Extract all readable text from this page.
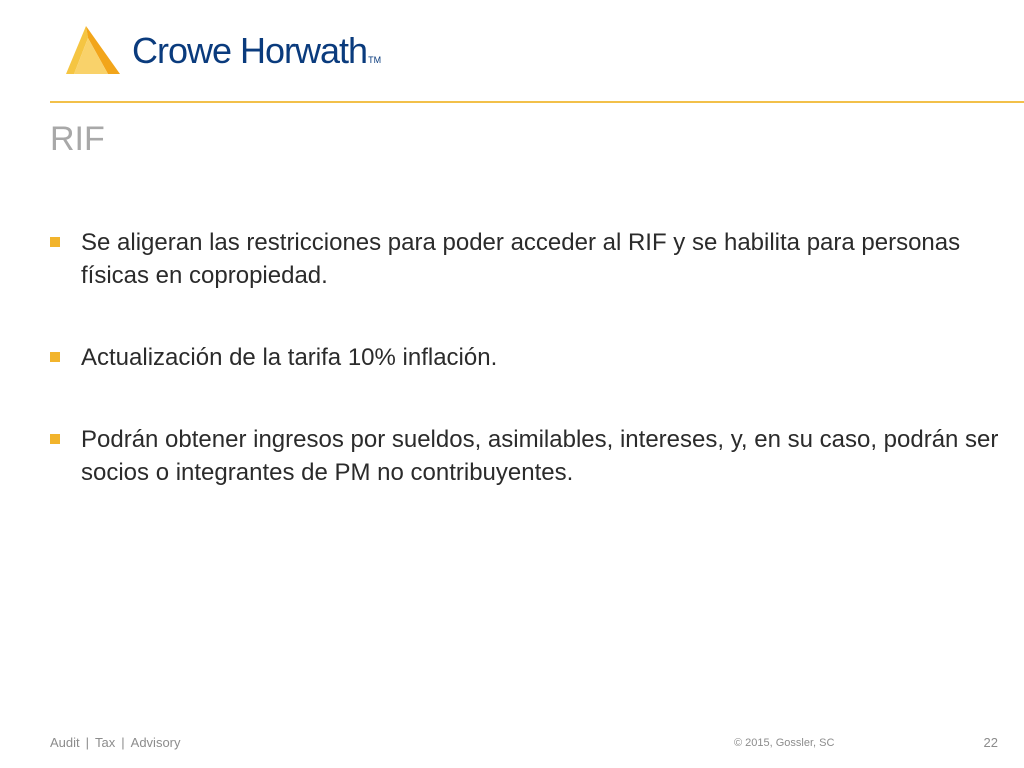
Crowe HorwathTM
RIF
Se aligeran las restricciones para poder acceder al RIF y se habilita para personas físicas en copropiedad.
Actualización de la tarifa 10% inflación.
Podrán obtener ingresos por sueldos, asimilables, intereses, y, en su caso, podrán ser socios o integrantes de PM no contribuyentes.
Audit | Tax | Advisory	© 2015, Gossler, SC	22
